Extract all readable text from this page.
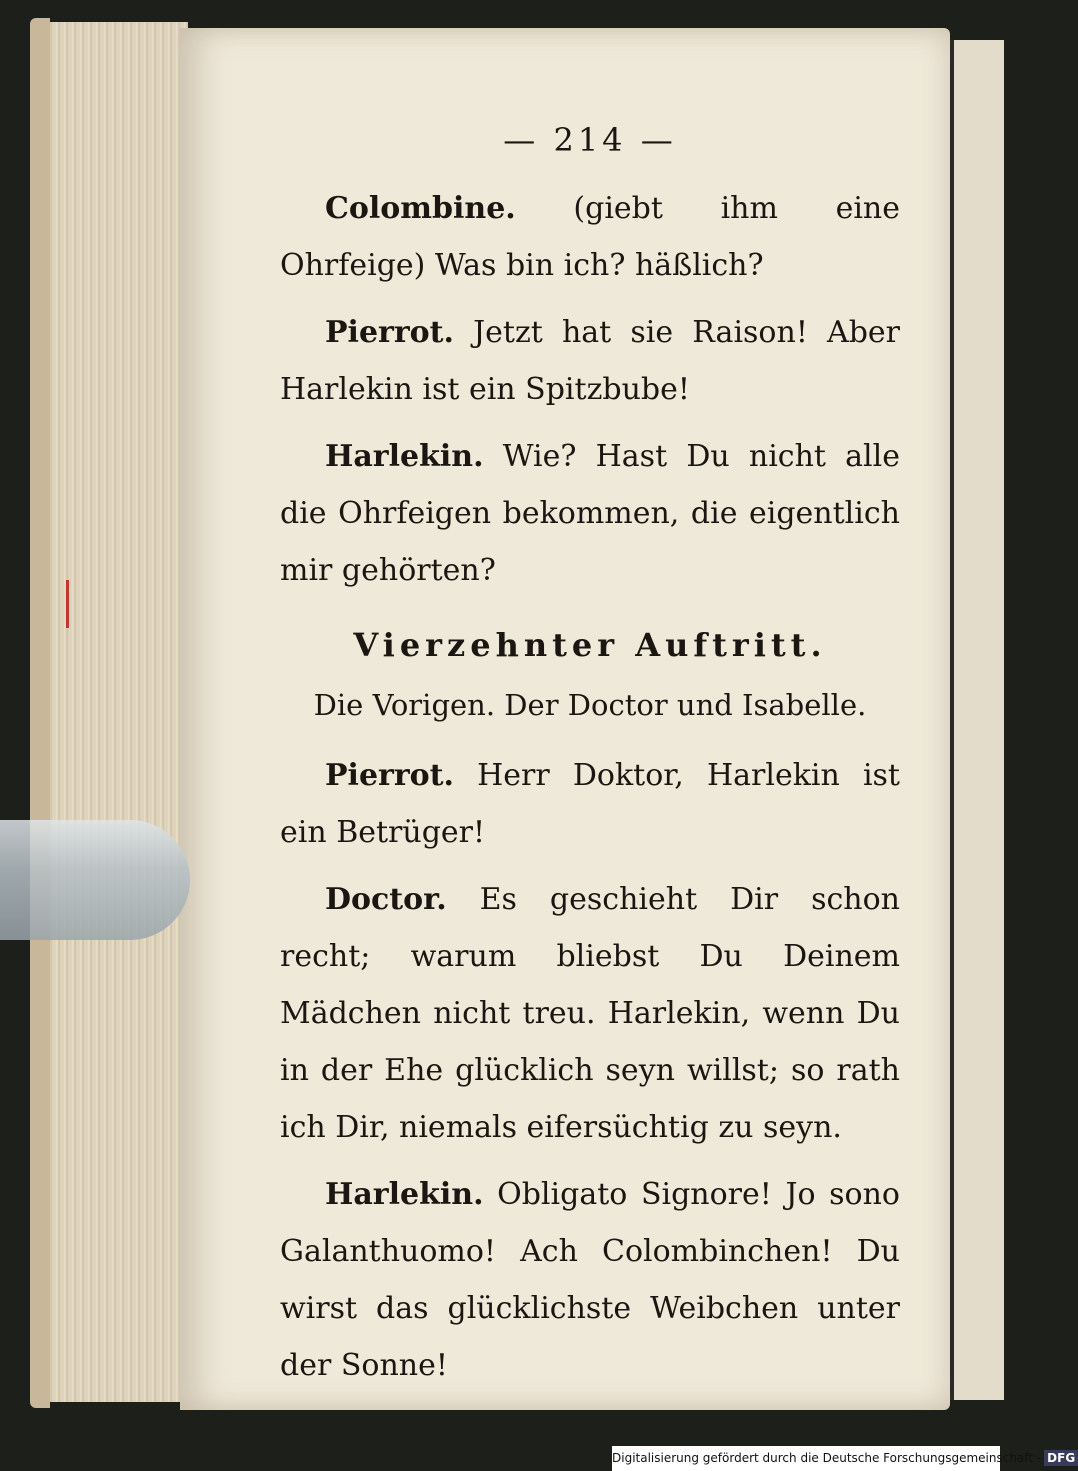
— 214 —

Colombine. (giebt ihm eine Ohrfeige) Was bin ich? häßlich?

Pierrot. Jetzt hat sie Raison! Aber Harlekin ist ein Spitzbube!

Harlekin. Wie? Hast Du nicht alle die Ohrfeigen bekommen, die eigentlich mir gehörten?

Vierzehnter Auftritt.
Die Vorigen. Der Doctor und Isabelle.

Pierrot. Herr Doktor, Harlekin ist ein Betrüger!

Doctor. Es geschieht Dir schon recht; warum bliebst Du Deinem Mädchen nicht treu. Harlekin, wenn Du in der Ehe glücklich seyn willst; so rath ich Dir, niemals eifersüchtig zu seyn.

Harlekin. Obligato Signore! Jo sono Galanthuomo! Ach Colombinchen! Du wirst das glücklichste Weibchen unter der Sonne!

Digitalisierung gefördert durch die Deutsche Forschungsgemeinschaft - DFG
